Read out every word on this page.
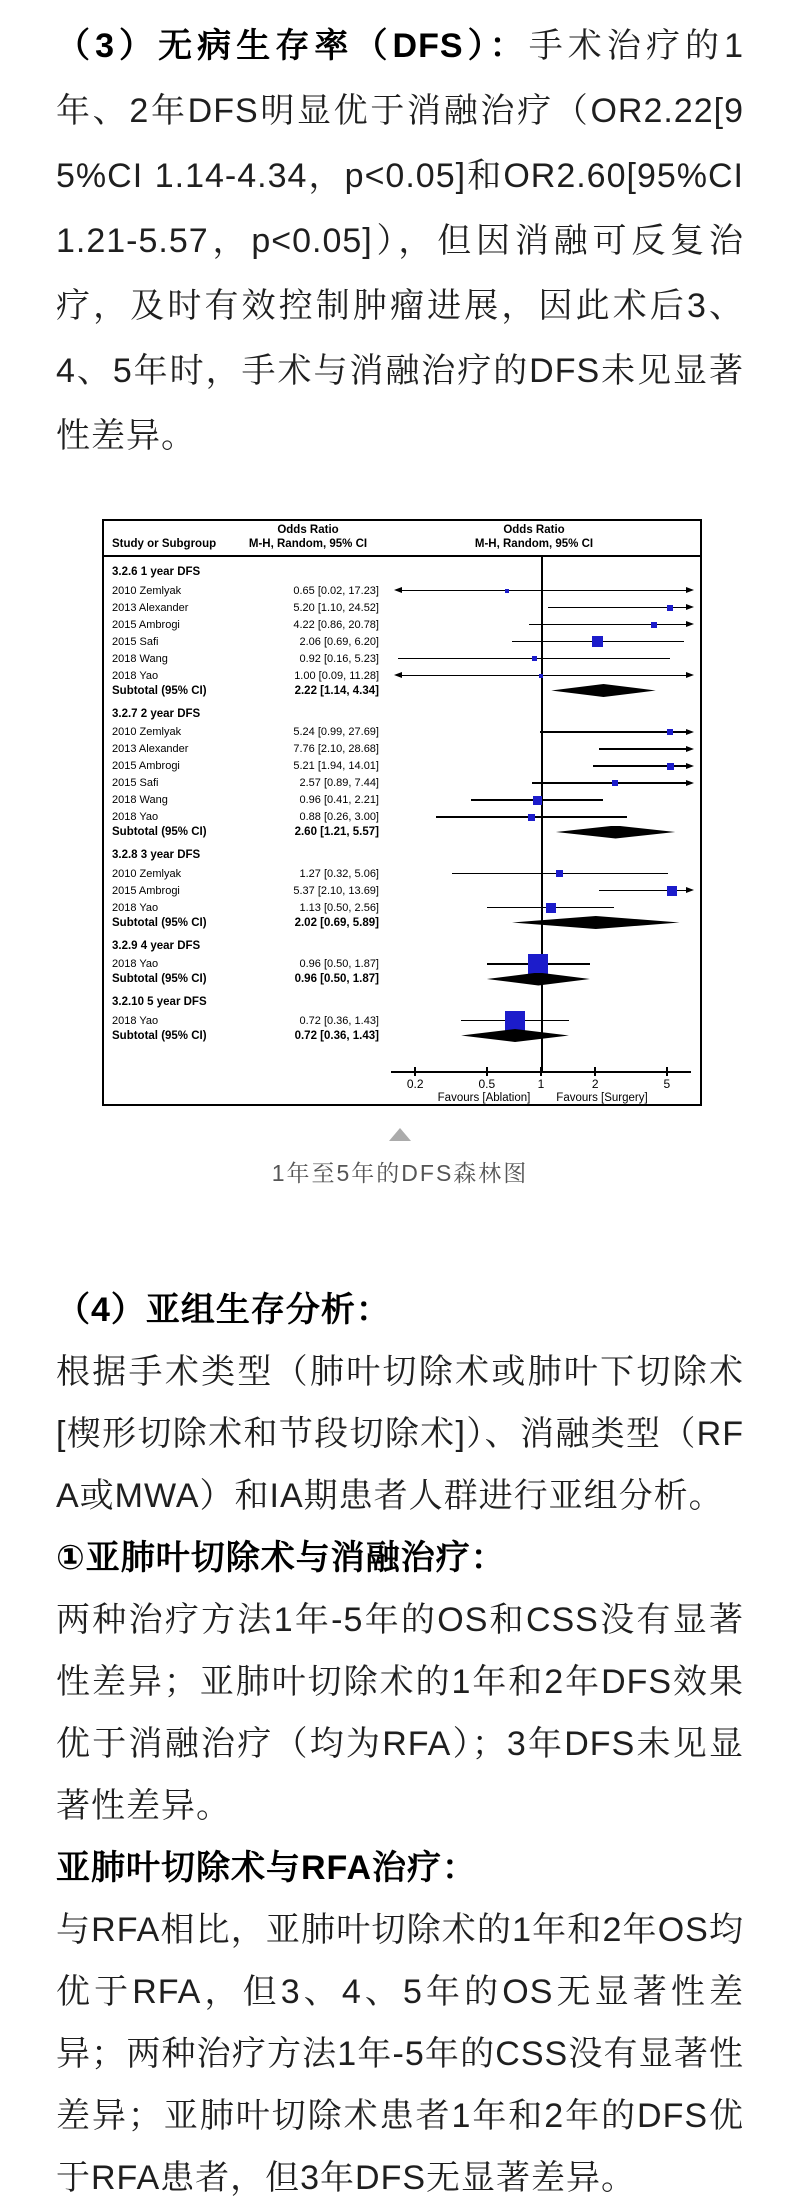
（3）无病生存率（DFS）：手术治疗的1年、2年DFS明显优于消融治疗（OR2.22[95%CI 1.14-4.34，p<0.05]和OR2.60[95%CI 1.21-5.57，p<0.05]），但因消融可反复治疗，及时有效控制肿瘤进展，因此术后3、4、5年时，手术与消融治疗的DFS未见显著性差异。

Odds Ratio
M-H, Random, 95% CI
Study or Subgroup
Odds Ratio
M-H, Random, 95% CI
3.2.6 1 year DFS
2010 Zemlyak	0.65 [0.02, 17.23]
2013 Alexander	5.20 [1.10, 24.52]
2015 Ambrogi	4.22 [0.86, 20.78]
2015 Safi	2.06 [0.69, 6.20]
2018 Wang	0.92 [0.16, 5.23]
2018 Yao	1.00 [0.09, 11.28]
Subtotal (95% CI)	2.22 [1.14, 4.34]
3.2.7 2 year DFS
2010 Zemlyak	5.24 [0.99, 27.69]
2013 Alexander	7.76 [2.10, 28.68]
2015 Ambrogi	5.21 [1.94, 14.01]
2015 Safi	2.57 [0.89, 7.44]
2018 Wang	0.96 [0.41, 2.21]
2018 Yao	0.88 [0.26, 3.00]
Subtotal (95% CI)	2.60 [1.21, 5.57]
3.2.8 3 year DFS
2010 Zemlyak	1.27 [0.32, 5.06]
2015 Ambrogi	5.37 [2.10, 13.69]
2018 Yao	1.13 [0.50, 2.56]
Subtotal (95% CI)	2.02 [0.69, 5.89]
3.2.9 4 year DFS
2018 Yao	0.96 [0.50, 1.87]
Subtotal (95% CI)	0.96 [0.50, 1.87]
3.2.10 5 year DFS
2018 Yao	0.72 [0.36, 1.43]
Subtotal (95% CI)	0.72 [0.36, 1.43]
0.2	0.5	1	2	5
Favours [Ablation] Favours [Surgery]
1年至5年的DFS森林图
（4）亚组生存分析：

根据手术类型（肺叶切除术或肺叶下切除术[楔形切除术和节段切除术]）、消融类型（RFA或MWA）和IA期患者人群进行亚组分析。

①亚肺叶切除术与消融治疗：

两种治疗方法1年-5年的OS和CSS没有显著性差异；亚肺叶切除术的1年和2年DFS效果优于消融治疗（均为RFA）；3年DFS未见显著性差异。

亚肺叶切除术与RFA治疗：

与RFA相比，亚肺叶切除术的1年和2年OS均优于RFA，但3、4、5年的OS无显著性差异；两种治疗方法1年-5年的CSS没有显著性差异；亚肺叶切除术患者1年和2年的DFS优于RFA患者，但3年DFS无显著差异。
